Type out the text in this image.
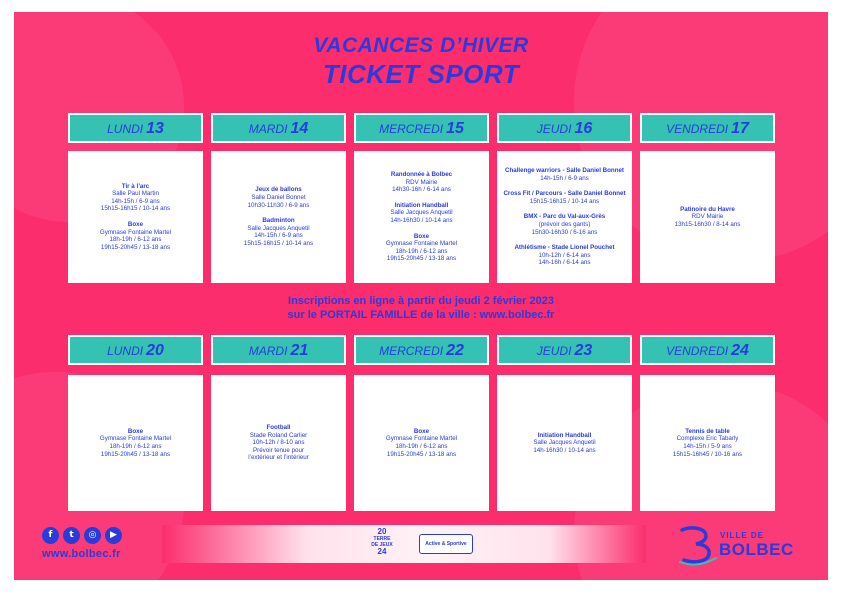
VACANCES D’HIVER
TICKET SPORT
LUNDI 13
Tir à l’arc
Salle Paul Martin
14h-15h / 6-9 ans
15h15-16h15 / 10-14 ans
Boxe
Gymnase Fontaine Martel
18h-19h / 6-12 ans
19h15-20h45 / 13-18 ans
MARDI 14
Jeux de ballons
Salle Daniel Bonnet
10h30-11h30 / 6-9 ans
Badminton
Salle Jacques Anquetil
14h-15h / 6-9 ans
15h15-16h15 / 10-14 ans
MERCREDI 15
Randonnée à Bolbec
RDV Mairie
14h30-16h / 6-14 ans
Initiation Handball
Salle Jacques Anquetil
14h-16h30 / 10-14 ans
Boxe
Gymnase Fontaine Martel
18h-19h / 6-12 ans
19h15-20h45 / 13-18 ans
JEUDI 16
Challenge warriors - Salle Daniel Bonnet
14h-15h / 6-9 ans
Cross Fit / Parcours - Salle Daniel Bonnet
15h15-16h15 / 10-14 ans
BMX - Parc du Val-aux-Grès
(prévoir des gants)
15h30-16h30 / 6-16 ans
Athlétisme - Stade Lionel Pouchet
10h-12h / 6-14 ans
14h-16h / 6-14 ans
VENDREDI 17
Patinoire du Havre
RDV Mairie
13h15-16h30 / 8-14 ans
Inscriptions en ligne à partir du jeudi 2 février 2023
sur le PORTAIL FAMILLE de la ville : www.bolbec.fr
LUNDI 20
Boxe
Gymnase Fontaine Martel
18h-19h / 6-12 ans
19h15-20h45 / 13-18 ans
MARDI 21
Football
Stade Roland Carlier
10h-12h / 8-10 ans
Prévoir tenue pour
l’extérieur et l’intérieur
MERCREDI 22
Boxe
Gymnase Fontaine Martel
18h-19h / 6-12 ans
19h15-20h45 / 13-18 ans
JEUDI 23
Initiation Handball
Salle Jacques Anquetil
14h-16h30 / 10-14 ans
VENDREDI 24
Tennis de table
Complexe Eric Tabarly
14h-15h / 5-9 ans
15h15-16h45 / 10-16 ans
20
TERRE
DE JEUX

24
Active & Sportive
f	t	◎	▶
www.bolbec.fr
VILLE DE
BOLBEC
